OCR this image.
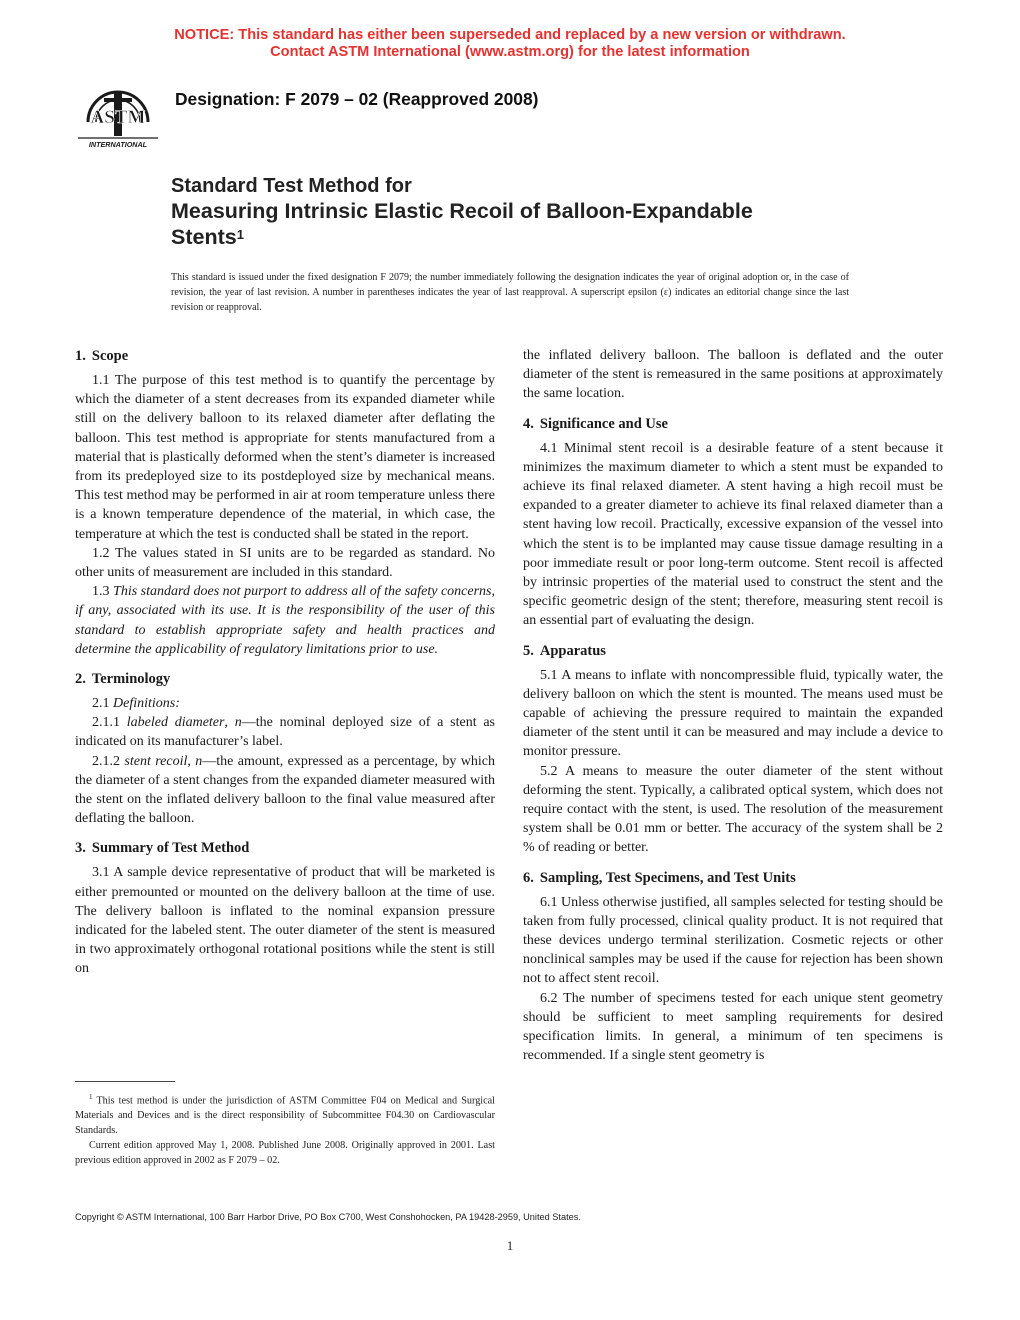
NOTICE: This standard has either been superseded and replaced by a new version or withdrawn.
Contact ASTM International (www.astm.org) for the latest information
ASTM
INTERNATIONAL
Designation: F 2079 – 02 (Reapproved 2008)
Standard Test Method for
Measuring Intrinsic Elastic Recoil of Balloon-Expandable
Stents$^1$
This standard is issued under the fixed designation F 2079; the number immediately following the designation indicates the year of original adoption or, in the case of revision, the year of last revision. A number in parentheses indicates the year of last reapproval. A superscript epsilon (ε) indicates an editorial change since the last revision or reapproval.
1. Scope

1.1 The purpose of this test method is to quantify the percentage by which the diameter of a stent decreases from its expanded diameter while still on the delivery balloon to its relaxed diameter after deflating the balloon. This test method is appropriate for stents manufactured from a material that is plastically deformed when the stent’s diameter is increased from its predeployed size to its postdeployed size by mechanical means. This test method may be performed in air at room temperature unless there is a known temperature dependence of the material, in which case, the temperature at which the test is conducted shall be stated in the report.

1.2 The values stated in SI units are to be regarded as standard. No other units of measurement are included in this standard.

1.3 This standard does not purport to address all of the safety concerns, if any, associated with its use. It is the responsibility of the user of this standard to establish appropriate safety and health practices and determine the applicability of regulatory limitations prior to use.

2. Terminology

2.1 Definitions:

2.1.1 labeled diameter, n—the nominal deployed size of a stent as indicated on its manufacturer’s label.

2.1.2 stent recoil, n—the amount, expressed as a percentage, by which the diameter of a stent changes from the expanded diameter measured with the stent on the inflated delivery balloon to the final value measured after deflating the balloon.

3. Summary of Test Method

3.1 A sample device representative of product that will be marketed is either premounted or mounted on the delivery balloon at the time of use. The delivery balloon is inflated to the nominal expansion pressure indicated for the labeled stent. The outer diameter of the stent is measured in two approximately orthogonal rotational positions while the stent is still on

the inflated delivery balloon. The balloon is deflated and the outer diameter of the stent is remeasured in the same positions at approximately the same location.

4. Significance and Use

4.1 Minimal stent recoil is a desirable feature of a stent because it minimizes the maximum diameter to which a stent must be expanded to achieve its final relaxed diameter. A stent having a high recoil must be expanded to a greater diameter to achieve its final relaxed diameter than a stent having low recoil. Practically, excessive expansion of the vessel into which the stent is to be implanted may cause tissue damage resulting in a poor immediate result or poor long-term outcome. Stent recoil is affected by intrinsic properties of the material used to construct the stent and the specific geometric design of the stent; therefore, measuring stent recoil is an essential part of evaluating the design.

5. Apparatus

5.1 A means to inflate with noncompressible fluid, typically water, the delivery balloon on which the stent is mounted. The means used must be capable of achieving the pressure required to maintain the expanded diameter of the stent until it can be measured and may include a device to monitor pressure.

5.2 A means to measure the outer diameter of the stent without deforming the stent. Typically, a calibrated optical system, which does not require contact with the stent, is used. The resolution of the measurement system shall be 0.01 mm or better. The accuracy of the system shall be 2 % of reading or better.

6. Sampling, Test Specimens, and Test Units

6.1 Unless otherwise justified, all samples selected for testing should be taken from fully processed, clinical quality product. It is not required that these devices undergo terminal sterilization. Cosmetic rejects or other nonclinical samples may be used if the cause for rejection has been shown not to affect stent recoil.

6.2 The number of specimens tested for each unique stent geometry should be sufficient to meet sampling requirements for desired specification limits. In general, a minimum of ten specimens is recommended. If a single stent geometry is

$^1$ This test method is under the jurisdiction of ASTM Committee F04 on Medical and Surgical Materials and Devices and is the direct responsibility of Subcommittee F04.30 on Cardiovascular Standards.

Current edition approved May 1, 2008. Published June 2008. Originally approved in 2001. Last previous edition approved in 2002 as F 2079 – 02.

Copyright © ASTM International, 100 Barr Harbor Drive, PO Box C700, West Conshohocken, PA 19428-2959, United States.
1
